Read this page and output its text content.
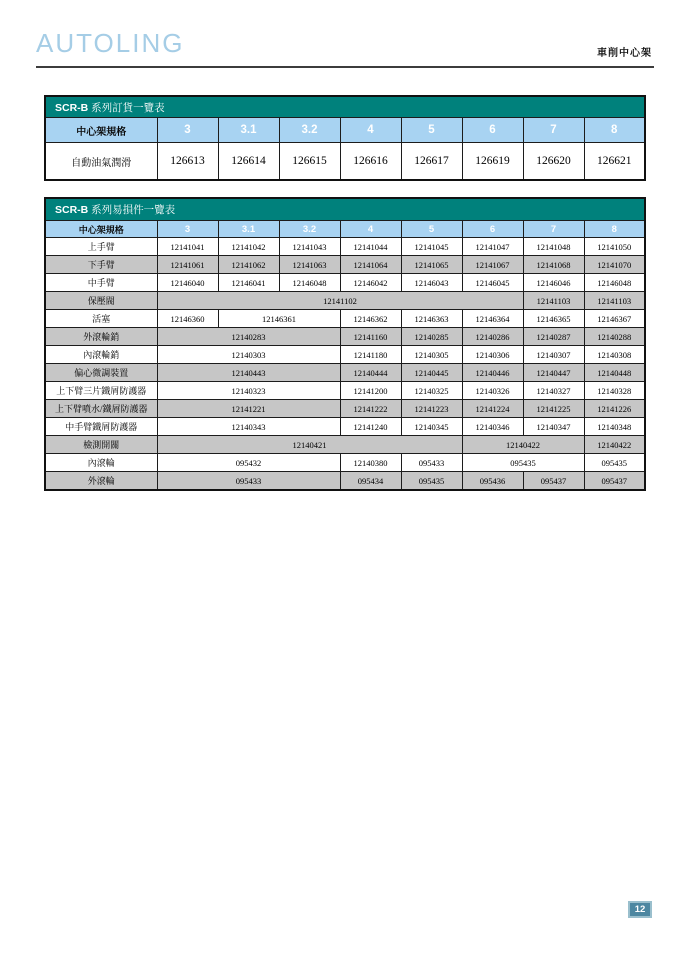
AUTOLING	車削中心架
SCR-B 系列訂貨一覽表								
中心架規格	3	3.1	3.2	4	5	6	7	8
自動油氣潤滑	126613	126614	126615	126616	126617	126619	126620	126621
SCR-B 系列易損件一覽表								
中心架規格	3	3.1	3.2	4	5	6	7	8
上手臂	12141041	12141042	12141043	12141044	12141045	12141047	12141048	12141050
下手臂	12141061	12141062	12141063	12141064	12141065	12141067	12141068	12141070
中手臂	12146040	12146041	12146048	12146042	12146043	12146045	12146046	12146048
保壓閥	12141102						12141103	12141103
活塞	12146360	12146361		12146362	12146363	12146364	12146365	12146367
外滾輪銷	12140283			12141160	12140285	12140286	12140287	12140288
內滾輪銷	12140303			12141180	12140305	12140306	12140307	12140308
偏心微調裝置	12140443			12140444	12140445	12140446	12140447	12140448
上下臂三片鐵屑防護器	12140323			12141200	12140325	12140326	12140327	12140328
上下臂噴水/鐵屑防護器	12141221			12141222	12141223	12141224	12141225	12141226
中手臂鐵屑防護器	12140343			12141240	12140345	12140346	12140347	12140348
檢測開關	12140421					12140422		12140422
內滾輪	095432			12140380	095433	095435		095435
外滾輪	095433			095434	095435	095436	095437	095437
12
